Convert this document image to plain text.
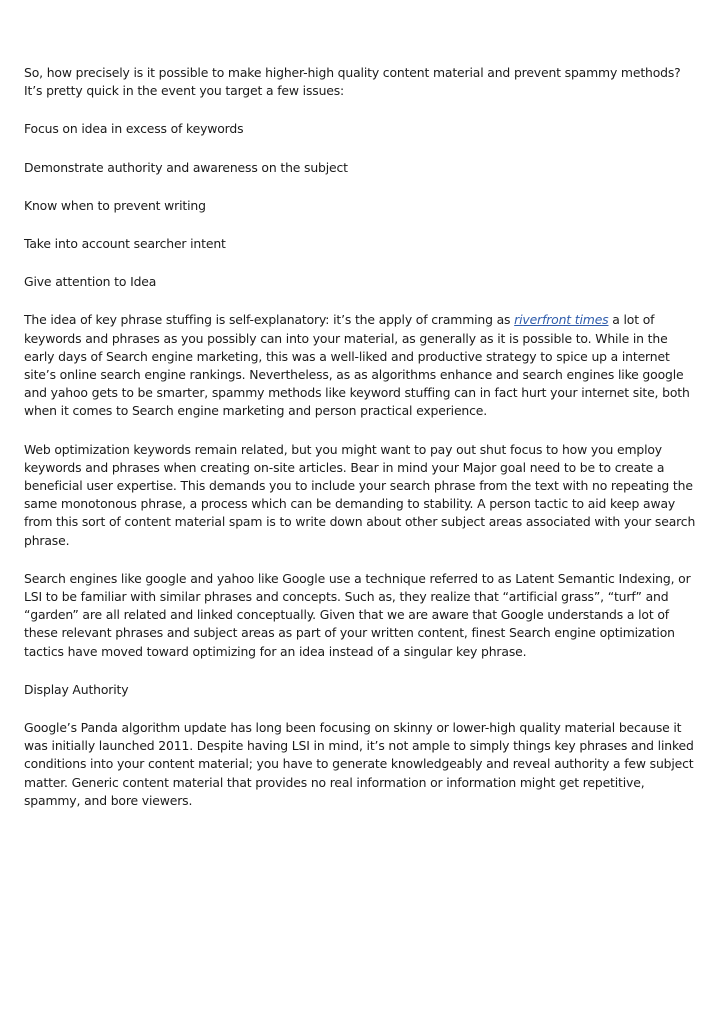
So, how precisely is it possible to make higher-high quality content material and prevent spammy methods? It’s pretty quick in the event you target a few issues:

Focus on idea in excess of keywords

Demonstrate authority and awareness on the subject

Know when to prevent writing

Take into account searcher intent

Give attention to Idea

The idea of key phrase stuffing is self-explanatory: it’s the apply of cramming as riverfront times a lot of keywords and phrases as you possibly can into your material, as generally as it is possible to. While in the early days of Search engine marketing, this was a well-liked and productive strategy to spice up a internet site’s online search engine rankings. Nevertheless, as as algorithms enhance and search engines like google and yahoo gets to be smarter, spammy methods like keyword stuffing can in fact hurt your internet site, both when it comes to Search engine marketing and person practical experience.

Web optimization keywords remain related, but you might want to pay out shut focus to how you employ keywords and phrases when creating on-site articles. Bear in mind your Major goal need to be to create a beneficial user expertise. This demands you to include your search phrase from the text with no repeating the same monotonous phrase, a process which can be demanding to stability. A person tactic to aid keep away from this sort of content material spam is to write down about other subject areas associated with your search phrase.

Search engines like google and yahoo like Google use a technique referred to as Latent Semantic Indexing, or LSI to be familiar with similar phrases and concepts. Such as, they realize that “artificial grass”, “turf” and “garden” are all related and linked conceptually. Given that we are aware that Google understands a lot of these relevant phrases and subject areas as part of your written content, finest Search engine optimization tactics have moved toward optimizing for an idea instead of a singular key phrase.

Display Authority

Google’s Panda algorithm update has long been focusing on skinny or lower-high quality material because it was initially launched 2011. Despite having LSI in mind, it’s not ample to simply things key phrases and linked conditions into your content material; you have to generate knowledgeably and reveal authority a few subject matter. Generic content material that provides no real information or information might get repetitive, spammy, and bore viewers.
